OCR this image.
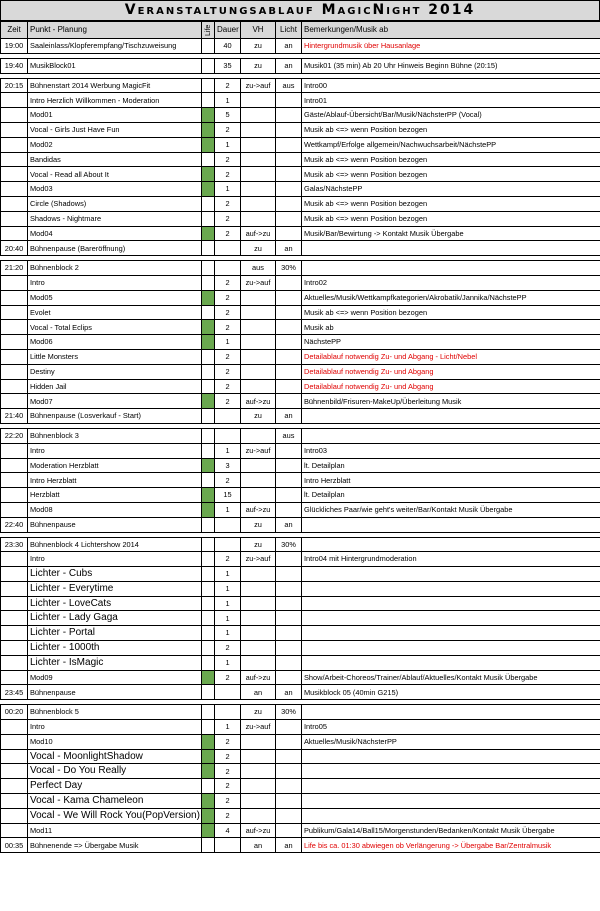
Veranstaltungsablauf MagicNight 2014
Zeit	Punkt - Planung	Life	Dauer	VH	Licht	Bemerkungen/Musik ab
19:00	Saaleinlass/Klopferempfang/Tischzuweisung		40	zu	an	Hintergrundmusik über Hausanlage

19:40	MusikBlock01		35	zu	an	Musik01 (35 min) Ab 20 Uhr Hinweis Beginn Bühne (20:15)

20:15	Bühnenstart 2014 Werbung MagicFit		2	zu->auf	aus	Intro00
	Intro Herzlich Willkommen - Moderation		1			Intro01
	Mod01		5			Gäste/Ablauf-Übersicht/Bar/Musik/NächsterPP (Vocal)
	Vocal - Girls Just Have Fun		2			Musik ab <=> wenn Position bezogen
	Mod02		1			Wettkampf/Erfolge allgemein/Nachwuchsarbeit/NächstePP
	Bandidas		2			Musik ab <=> wenn Position bezogen
	Vocal - Read all About It		2			Musik ab <=> wenn Position bezogen
	Mod03		1			Galas/NächstePP
	Circle (Shadows)		2			Musik ab <=> wenn Position bezogen
	Shadows - Nightmare		2			Musik ab <=> wenn Position bezogen
	Mod04		2	auf->zu		Musik/Bar/Bewirtung -> Kontakt Musik Übergabe
20:40	Bühnenpause (Bareröffnung)			zu	an	

21:20	Bühnenblock 2			aus	30%	
	Intro		2	zu->auf		Intro02
	Mod05		2			Aktuelles/Musik/Wettkampfkategorien/Akrobatik/Jannika/NächstePP
	Evolet		2			Musik ab <=> wenn Position bezogen
	Vocal - Total Eclips		2			Musik ab
	Mod06		1			NächstePP
	Little Monsters		2			Detailablauf notwendig Zu- und Abgang - Licht/Nebel
	Destiny		2			Detailablauf notwendig Zu- und Abgang
	Hidden Jail		2			Detailablauf notwendig Zu- und Abgang
	Mod07		2	auf->zu		Bühnenbild/Frisuren-MakeUp/Überleitung Musik
21:40	Bühnenpause (Losverkauf - Start)			zu	an	

22:20	Bühnenblock 3				aus	
	Intro		1	zu->auf		Intro03
	Moderation Herzblatt		3			lt. Detailplan
	Intro Herzblatt		2			Intro Herzblatt
	Herzblatt		15			lt. Detailplan
	Mod08		1	auf->zu		Glückliches Paar/wie geht's weiter/Bar/Kontakt Musik Übergabe
22:40	Bühnenpause			zu	an	

23:30	Bühnenblock 4 Lichtershow 2014			zu	30%	
	Intro		2	zu->auf		Intro04 mit Hintergrundmoderation
	Lichter - Cubs		1			
	Lichter - Everytime		1			
	Lichter - LoveCats		1			
	Lichter - Lady Gaga		1			
	Lichter - Portal		1			
	Lichter - 1000th		2			
	Lichter - IsMagic		1			
	Mod09		2	auf->zu		Show/Arbeit-Choreos/Trainer/Ablauf/Aktuelles/Kontakt Musik Übergabe
23:45	Bühnenpause			an	an	Musikblock 05 (40min G215)

00:20	Bühnenblock 5			zu	30%	
	Intro		1	zu->auf		Intro05
	Mod10		2			Aktuelles/Musik/NächsterPP
	Vocal - MoonlightShadow		2			
	Vocal - Do You Really		2			
	Perfect Day		2			
	Vocal - Kama Chameleon		2			
	Vocal - We Will Rock You(PopVersion)		2			
	Mod11		4	auf->zu		Publikum/Gala14/Ball15/Morgenstunden/Bedanken/Kontakt Musik Übergabe
00:35	Bühnenende => Übergabe Musik			an	an	Life bis ca. 01:30 abwiegen ob Verlängerung -> Übergabe Bar/Zentralmusik
